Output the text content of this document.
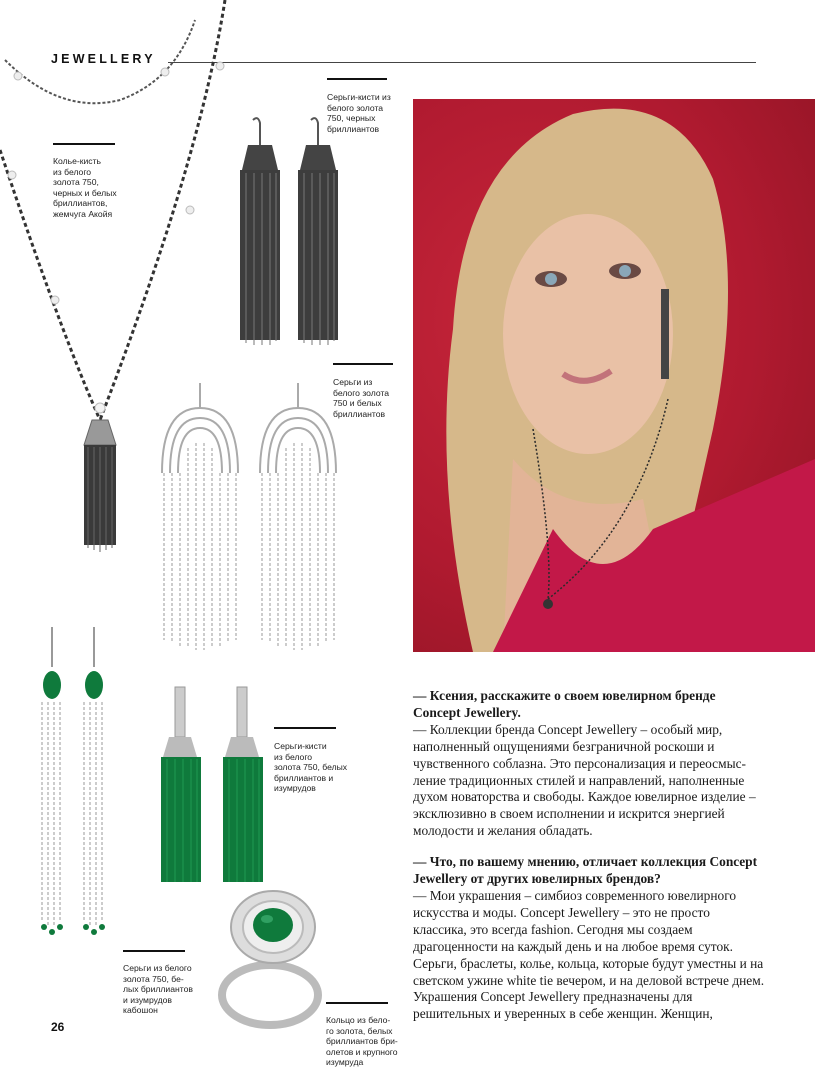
JEWELLERY
Колье-кисть
из белого
золота 750,
черных и белых
бриллиантов,
жемчуга Акойя
Серьги-кисти из
белого золота
750, черных
бриллиантов
Серьги из
белого золота
750 и белых
бриллиантов
Серьги из белого
золота 750, бе-
лых бриллиантов
и изумрудов
кабошон
Серьги-кисти
из белого
золота 750, белых
бриллиантов и
изумрудов
Кольцо из бело-
го золота, белых
бриллиантов бри-
олетов и крупного
изумруда

— Ксения, расскажите о своем ювелирном бренде Concept Jewellery.
— Коллекции бренда Concept Jewellery – особый мир, наполненный ощущениями безграничной роскоши и чувственного соблазна. Это персонализация и переосмыс-ление традиционных стилей и направлений, наполненные духом новаторства и свободы. Каждое ювелирное изделие – эксклюзивно в своем исполнении и искрится энергией молодости и желания обладать.

— Что, по вашему мнению, отличает коллекция Concept Jewellery от других ювелирных брендов?
— Мои украшения – симбиоз современного ювелирного искусства и моды. Concept Jewellery – это не просто классика, это всегда fashion. Сегодня мы создаем драгоценности на каждый день и на любое время суток. Серьги, браслеты, колье, кольца, которые будут уместны и на светском ужине white tie вечером, и на деловой встрече днем. Украшения Concept Jewellery предназначены для решительных и уверенных в себе женщин. Женщин,

26
